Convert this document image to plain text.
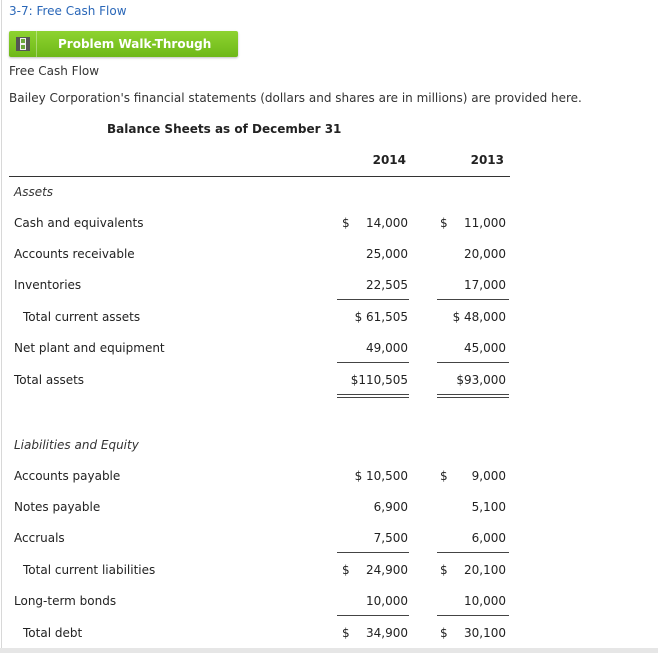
3-7: Free Cash Flow
Problem Walk-Through
Free Cash Flow
Bailey Corporation's financial statements (dollars and shares are in millions) are provided here.
Balance Sheets as of December 31
2014	2013
Assets
Cash and equivalents	$ 14,000	$ 11,000
Accounts receivable	25,000	20,000
Inventories	22,505	17,000
Total current assets	$ 61,505	$ 48,000
Net plant and equipment	49,000	45,000
Total assets	$110,505	$93,000
Liabilities and Equity
Accounts payable	$ 10,500	$ 9,000
Notes payable	6,900	5,100
Accruals	7,500	6,000
Total current liabilities	$ 24,900	$ 20,100
Long-term bonds	10,000	10,000
Total debt	$ 34,900	$ 30,100
